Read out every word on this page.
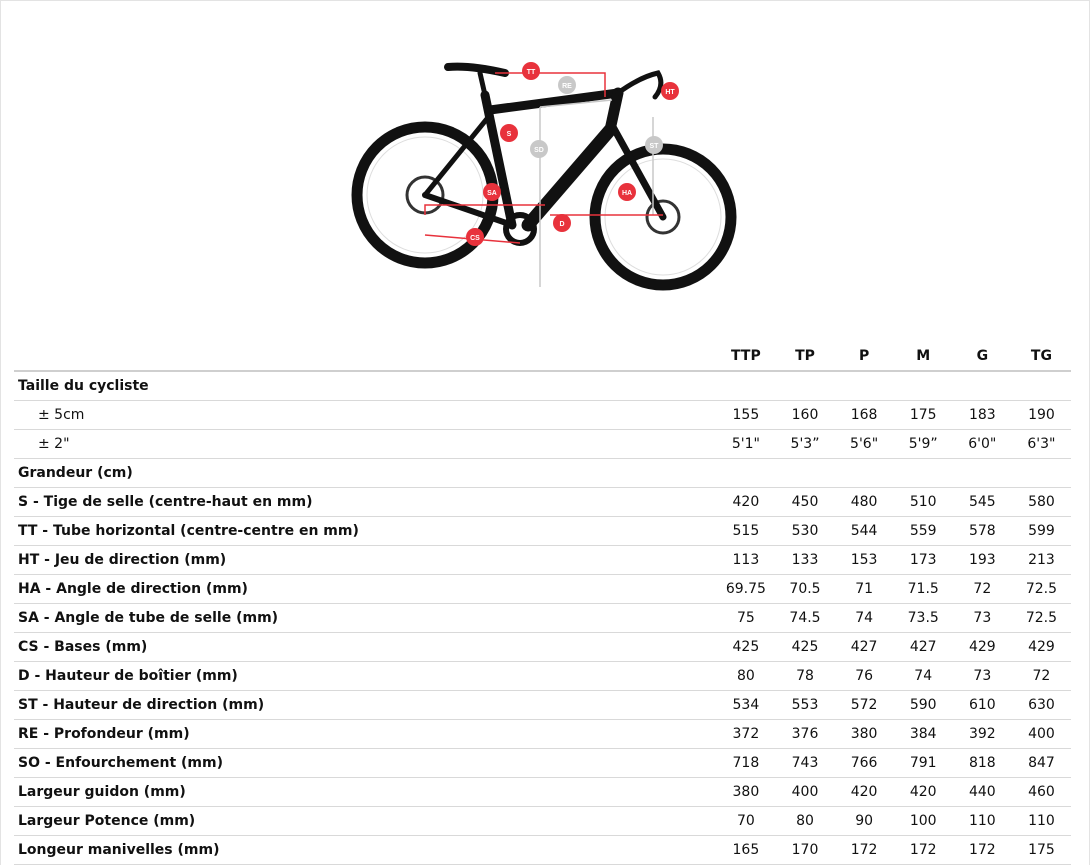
TT
RE
HT
S
SD
ST
SA	HA
D
CS
	TTP	TP	P	M	G	TG
Taille du cycliste						
± 5cm	155	160	168	175	183	190
± 2"	5'1"	5'3”	5'6"	5'9”	6'0"	6'3"
Grandeur (cm)						
S - Tige de selle (centre-haut en mm)	420	450	480	510	545	580
TT - Tube horizontal (centre-centre en mm)	515	530	544	559	578	599
HT - Jeu de direction (mm)	113	133	153	173	193	213
HA - Angle de direction (mm)	69.75	70.5	71	71.5	72	72.5
SA - Angle de tube de selle (mm)	75	74.5	74	73.5	73	72.5
CS - Bases (mm)	425	425	427	427	429	429
D - Hauteur de boîtier (mm)	80	78	76	74	73	72
ST - Hauteur de direction (mm)	534	553	572	590	610	630
RE - Profondeur (mm)	372	376	380	384	392	400
SO - Enfourchement (mm)	718	743	766	791	818	847
Largeur guidon (mm)	380	400	420	420	440	460
Largeur Potence (mm)	70	80	90	100	110	110
Longeur manivelles (mm)	165	170	172	172	172	175
